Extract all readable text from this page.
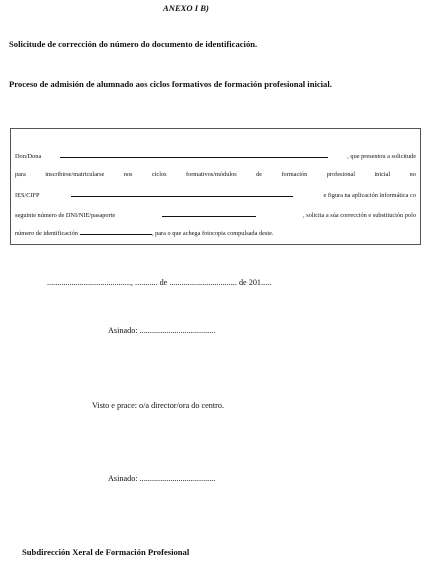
ANEXO I B)
Solicitude de corrección do número do documento de identificación.
Proceso de admisión de alumnado aos ciclos formativos de formación profesional inicial.
Don/Dona	, que presentou a solicitude
para	inscribirse/matricularse	nos	ciclos	formativos/módulos	de	formación	profesional	inicial	no
IES/CIFP	e figura na aplicación informática co
seguinte número de DNI/NIE/pasaporte	, solicita a súa corrección e substitución polo
número de identificación	, para o que achega fotocopia compulsada deste.
........................................., ........... de ................................. de 201.....
Asinado: .....................................
Visto e prace: o/a director/ora do centro.
Asinado: .....................................
Subdirección Xeral de Formación Profesional
